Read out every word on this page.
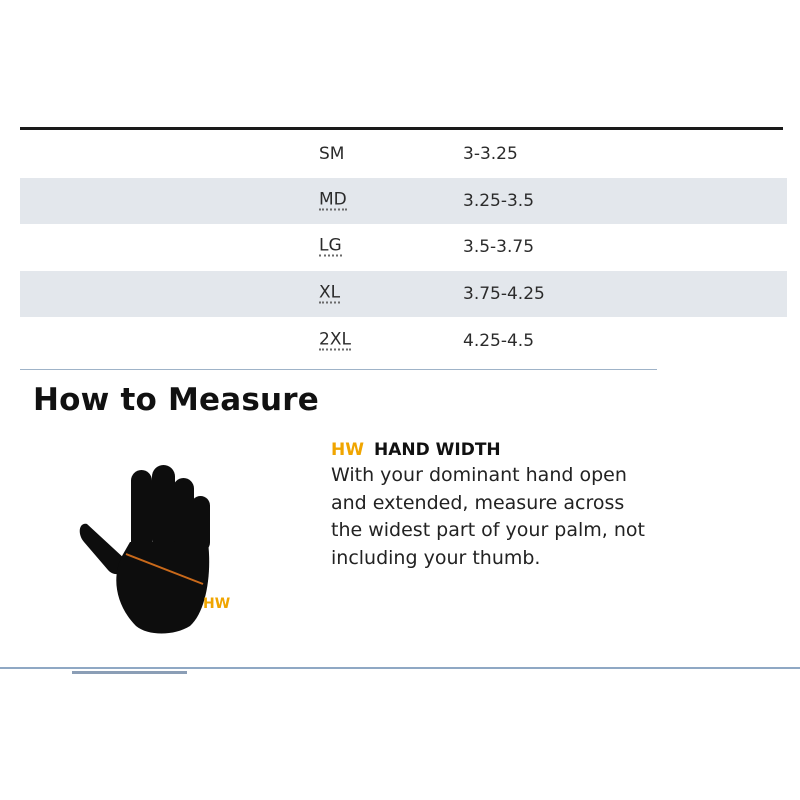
SM	3-3.25
MD	3.25-3.5
LG	3.5-3.75
XL	3.75-4.25
2XL	4.25-4.5
How to Measure
HW
HW HAND WIDTH
With your dominant hand open and extended, measure across the widest part of your palm, not including your thumb.
